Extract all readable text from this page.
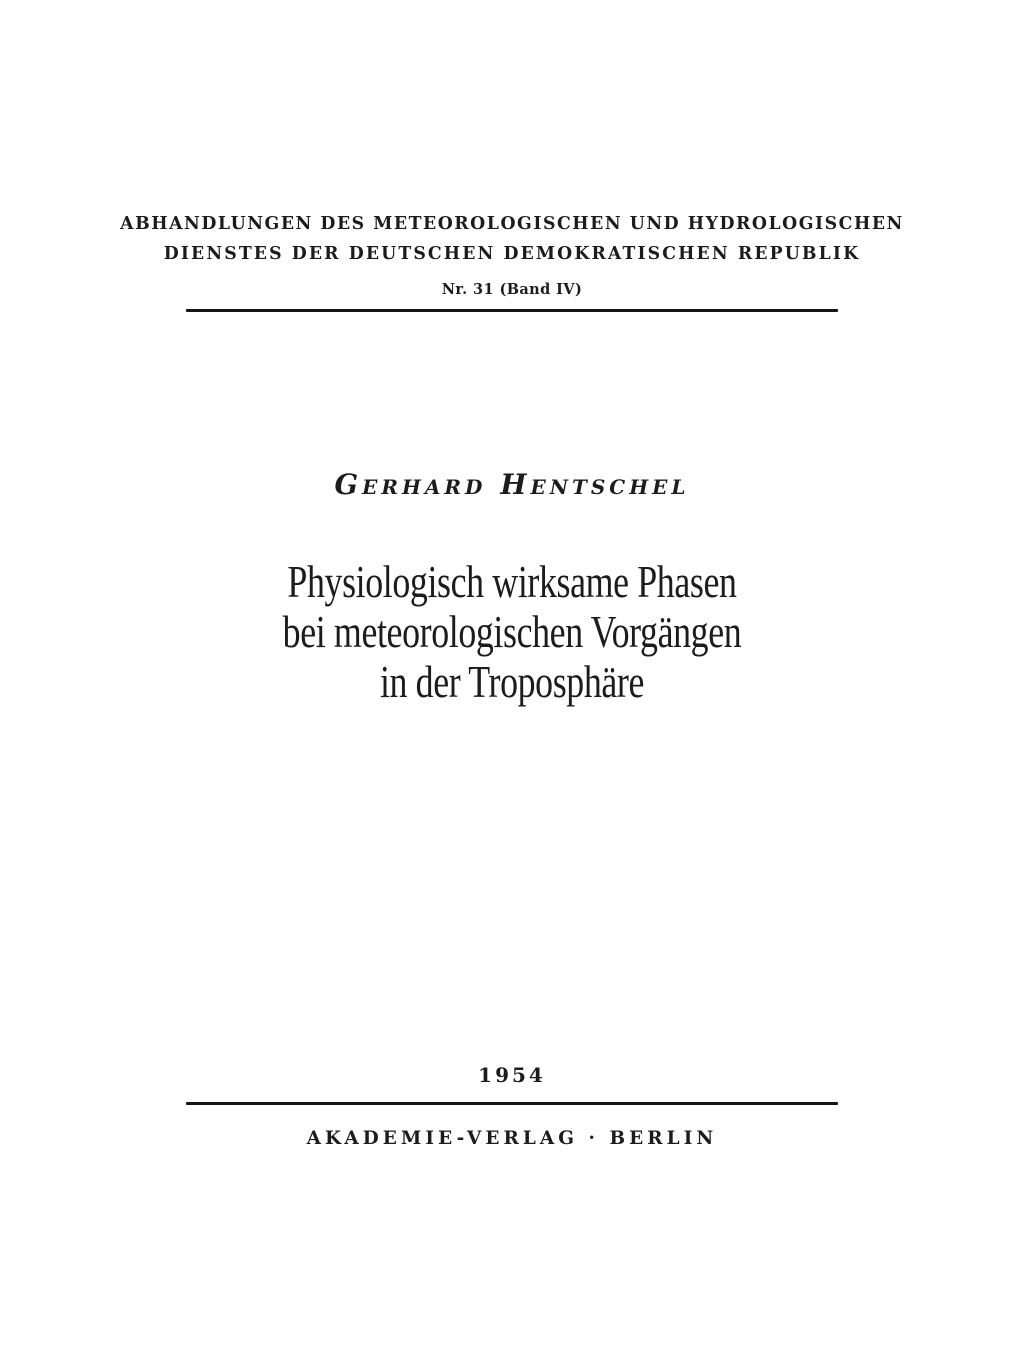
ABHANDLUNGEN DES METEOROLOGISCHEN UND HYDROLOGISCHEN
DIENSTES DER DEUTSCHEN DEMOKRATISCHEN REPUBLIK
Nr. 31 (Band IV)
GERHARD HENTSCHEL
Physiologisch wirksame Phasen
bei meteorologischen Vorgängen
in der Troposphäre
1954
AKADEMIE-VERLAG · BERLIN
